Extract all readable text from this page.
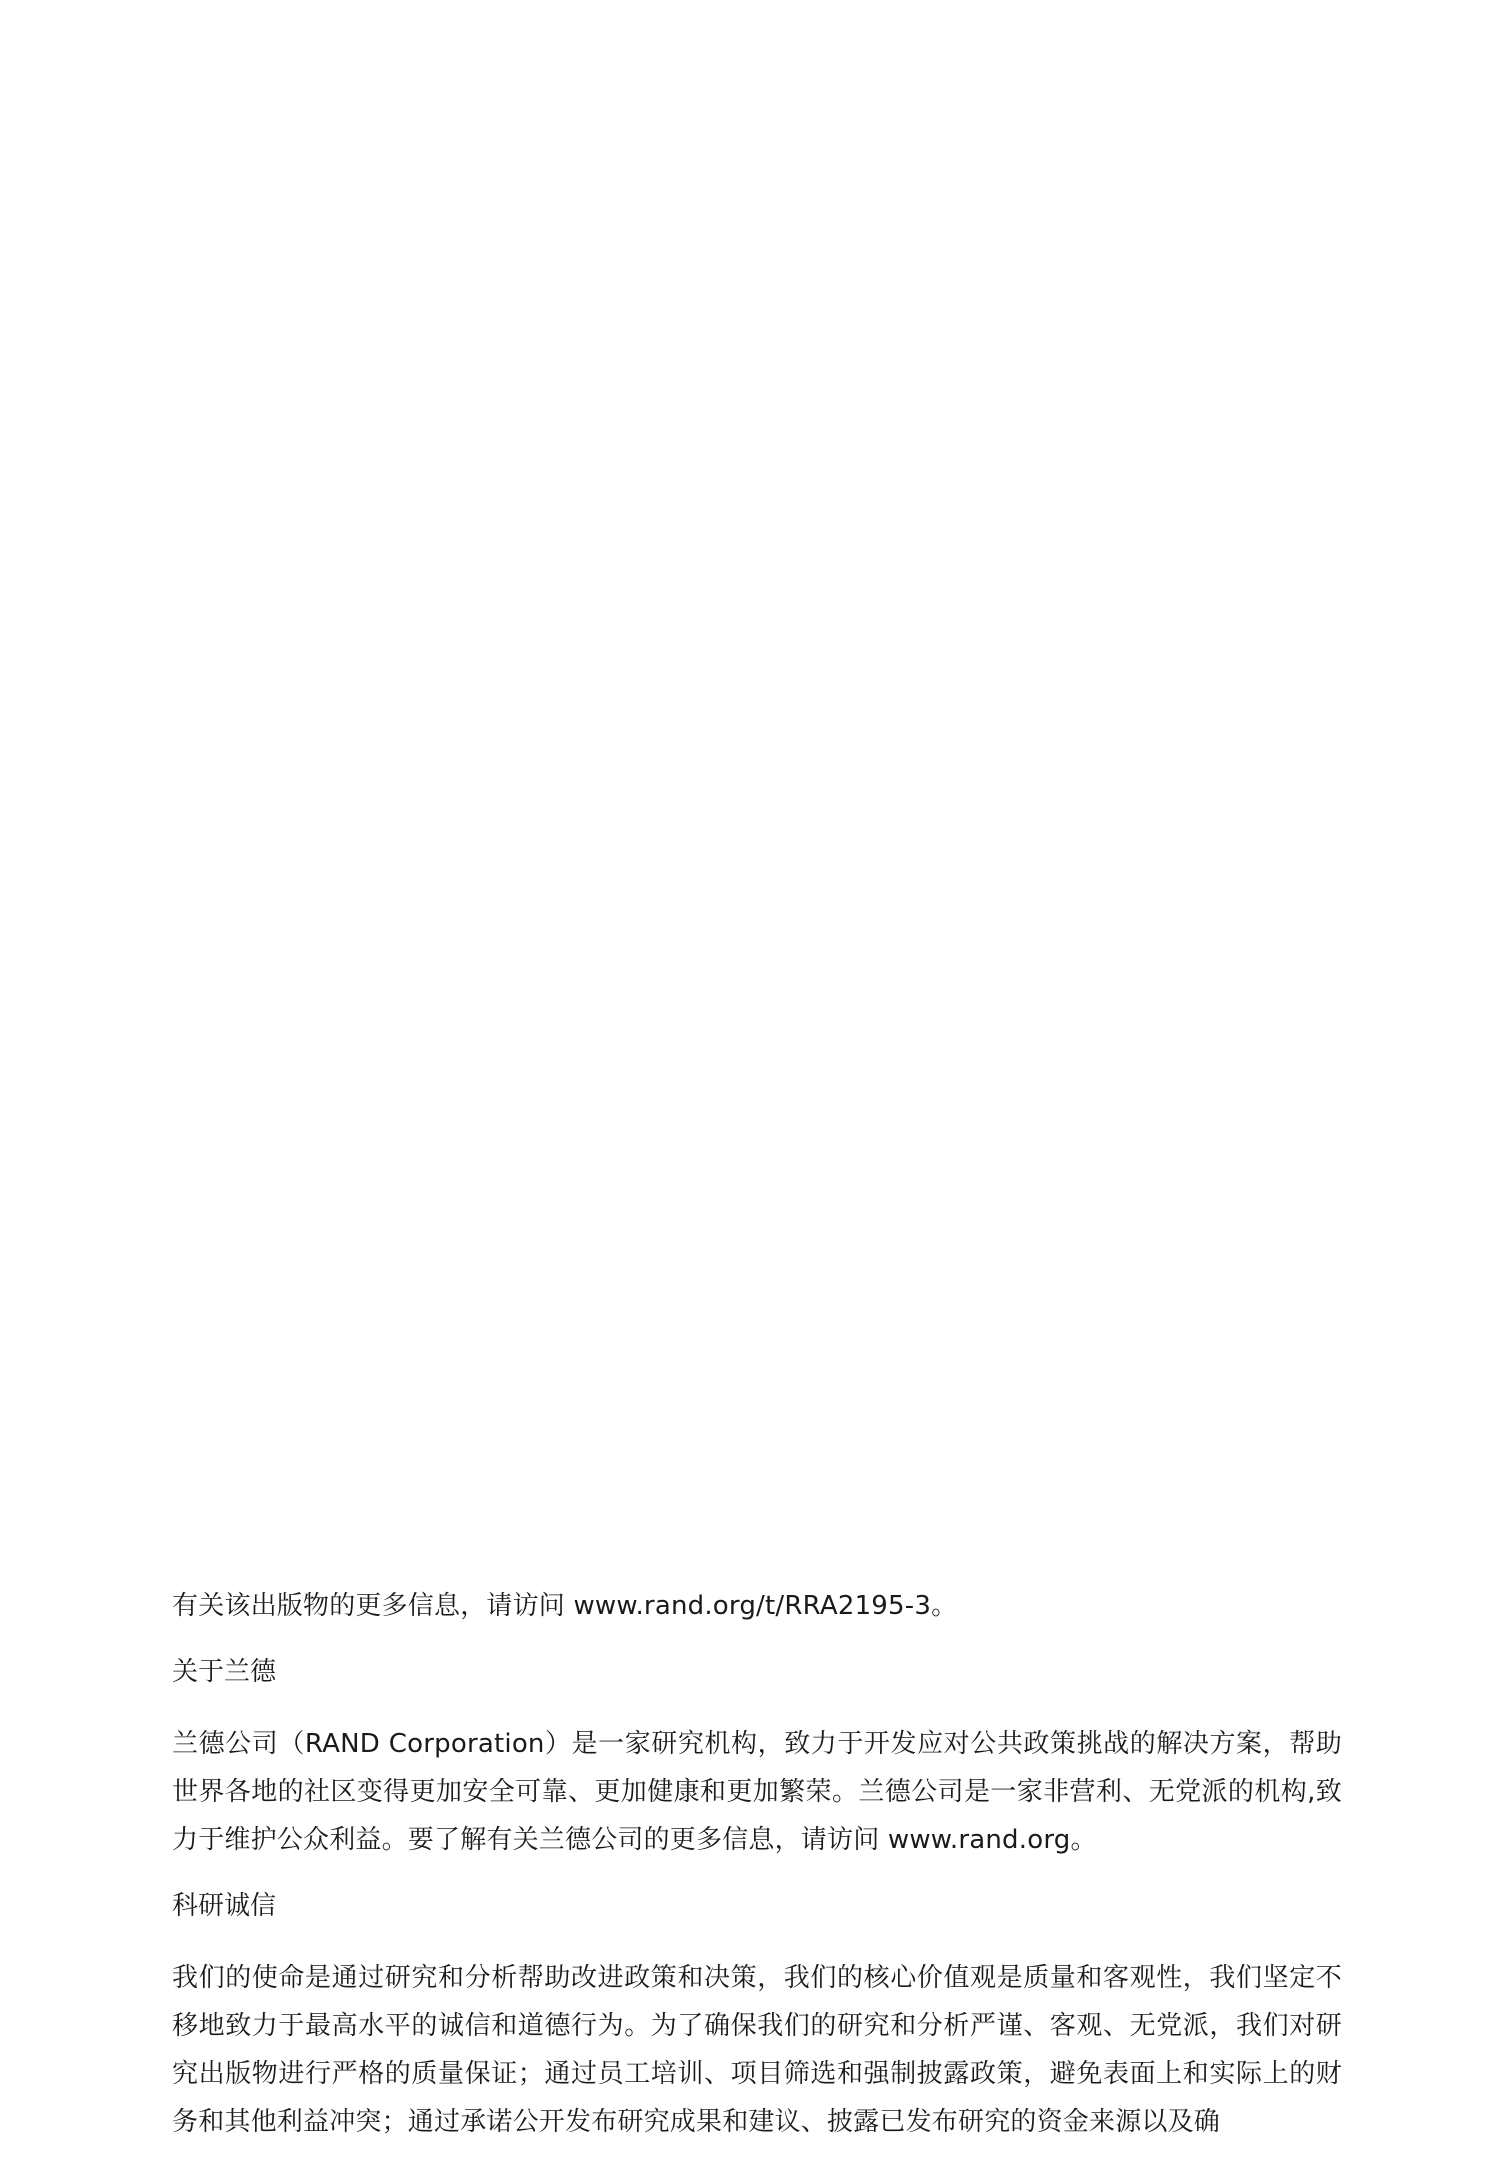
有关该出版物的更多信息，请访问 www.rand.org/t/RRA2195-3。

关于兰德

兰德公司（RAND Corporation）是一家研究机构，致力于开发应对公共政策挑战的解决方案，帮助世界各地的社区变得更加安全可靠、更加健康和更加繁荣。兰德公司是一家非营利、无党派的机构,致力于维护公众利益。要了解有关兰德公司的更多信息，请访问 www.rand.org。

科研诚信

我们的使命是通过研究和分析帮助改进政策和决策，我们的核心价值观是质量和客观性，我们坚定不移地致力于最高水平的诚信和道德行为。为了确保我们的研究和分析严谨、客观、无党派，我们对研究出版物进行严格的质量保证；通过员工培训、项目筛选和强制披露政策，避免表面上和实际上的财务和其他利益冲突；通过承诺公开发布研究成果和建议、披露已发布研究的资金来源以及确
